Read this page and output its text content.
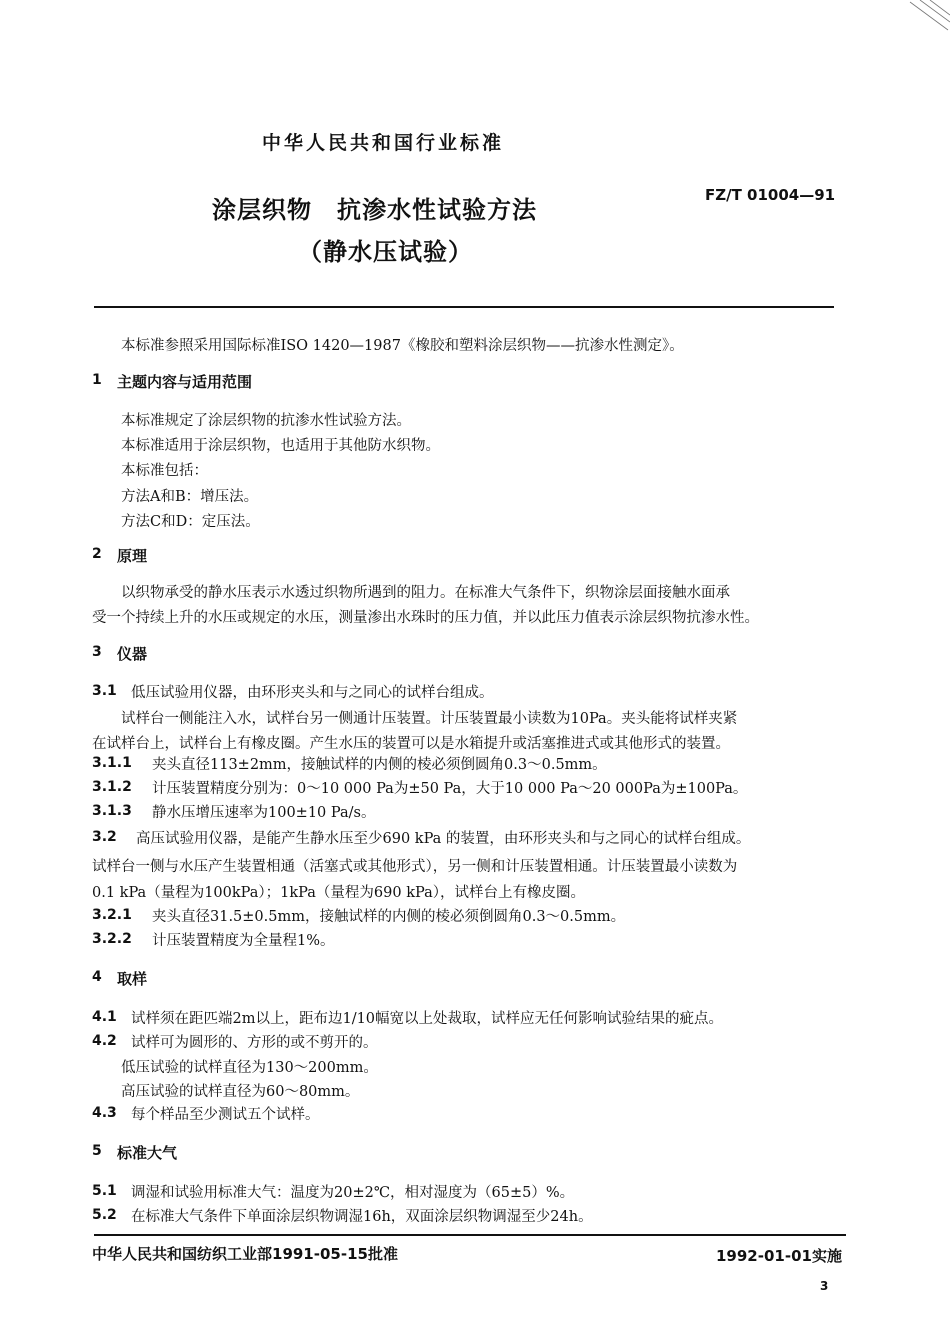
中华人民共和国行业标准
涂层织物　抗渗水性试验方法
（静水压试验）
FZ/T 01004—91
本标准参照采用国际标准ISO 1420—1987《橡胶和塑料涂层织物——抗渗水性测定》。
1 主题内容与适用范围
本标准规定了涂层织物的抗渗水性试验方法。
本标准适用于涂层织物，也适用于其他防水织物。
本标准包括：
方法A和B：增压法。
方法C和D：定压法。
2 原理
以织物承受的静水压表示水透过织物所遇到的阻力。在标准大气条件下，织物涂层面接触水面承
受一个持续上升的水压或规定的水压，测量渗出水珠时的压力值，并以此压力值表示涂层织物抗渗水性。
3 仪器
3.1 低压试验用仪器，由环形夹头和与之同心的试样台组成。
试样台一侧能注入水，试样台另一侧通计压装置。计压装置最小读数为10Pa。夹头能将试样夹紧
在试样台上，试样台上有橡皮圈。产生水压的装置可以是水箱提升或活塞推进式或其他形式的装置。
3.1.1 夹头直径113±2mm，接触试样的内侧的棱必须倒圆角0.3～0.5mm。
3.1.2 计压装置精度分别为：0～10 000 Pa为±50 Pa，大于10 000 Pa～20 000Pa为±100Pa。
3.1.3 静水压增压速率为100±10 Pa/s。
3.2 高压试验用仪器，是能产生静水压至少690 kPa 的装置，由环形夹头和与之同心的试样台组成。
试样台一侧与水压产生装置相通（活塞式或其他形式），另一侧和计压装置相通。计压装置最小读数为
0.1 kPa（量程为100kPa）；1kPa（量程为690 kPa），试样台上有橡皮圈。
3.2.1 夹头直径31.5±0.5mm，接触试样的内侧的棱必须倒圆角0.3～0.5mm。
3.2.2 计压装置精度为全量程1%。
4 取样
4.1 试样须在距匹端2m以上，距布边1/10幅宽以上处裁取，试样应无任何影响试验结果的疵点。
4.2 试样可为圆形的、方形的或不剪开的。
低压试验的试样直径为130～200mm。
高压试验的试样直径为60～80mm。
4.3 每个样品至少测试五个试样。
5 标准大气
5.1 调湿和试验用标准大气：温度为20±2℃，相对湿度为（65±5）%。
5.2 在标准大气条件下单面涂层织物调湿16h，双面涂层织物调湿至少24h。
中华人民共和国纺织工业部1991-05-15批准	1992-01-01实施
3
